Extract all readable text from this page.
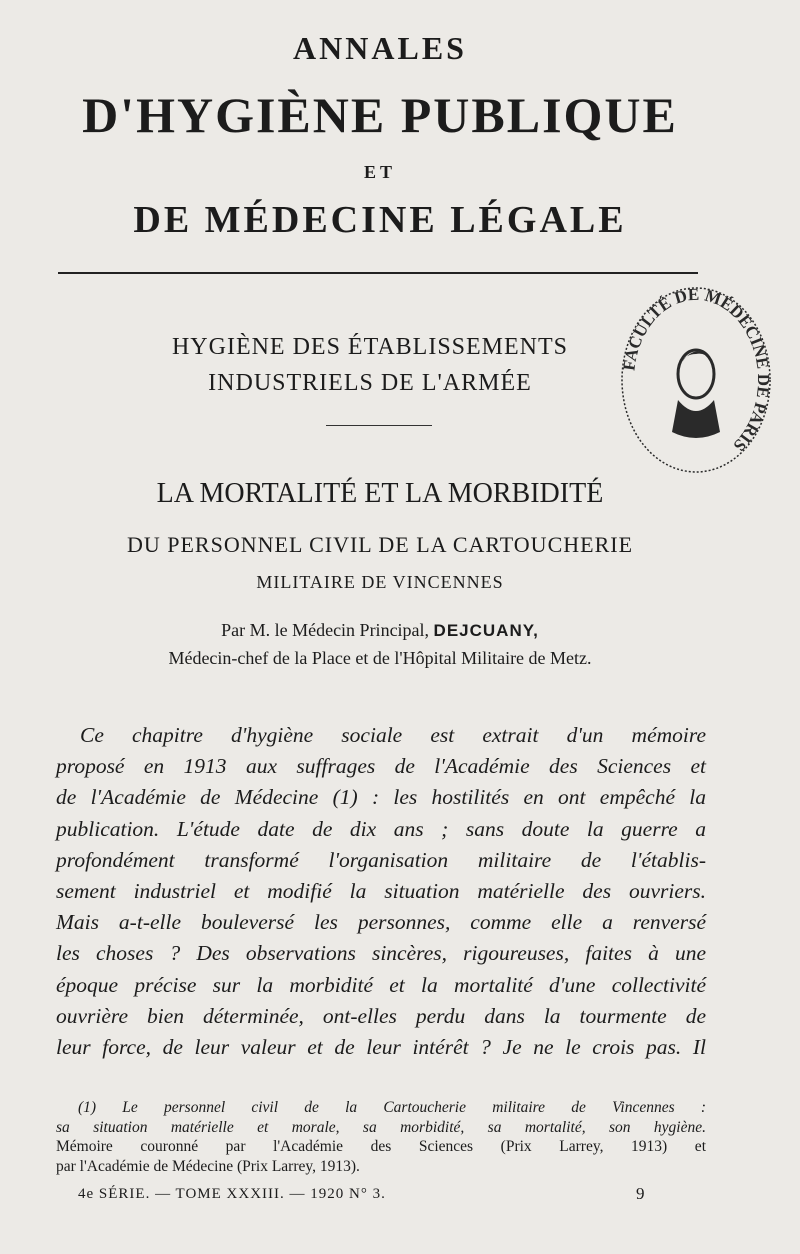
ANNALES
D'HYGIÈNE PUBLIQUE
ET
DE MÉDECINE LÉGALE
HYGIÈNE DES ÉTABLISSEMENTS
INDUSTRIELS DE L'ARMÉE
LA MORTALITÉ ET LA MORBIDITÉ
DU PERSONNEL CIVIL DE LA CARTOUCHERIE
MILITAIRE DE VINCENNES
Par M. le Médecin Principal, DEJCUANY,
Médecin-chef de la Place et de l'Hôpital Militaire de Metz.
Ce chapitre d'hygiène sociale est extrait d'un mémoire
proposé en 1913 aux suffrages de l'Académie des Sciences et
de l'Académie de Médecine (1) : les hostilités en ont empêché la
publication. L'étude date de dix ans ; sans doute la guerre a
profondément transformé l'organisation militaire de l'établis-
sement industriel et modifié la situation matérielle des ouvriers.
Mais a-t-elle bouleversé les personnes, comme elle a renversé
les choses ? Des observations sincères, rigoureuses, faites à une
époque précise sur la morbidité et la mortalité d'une collectivité
ouvrière bien déterminée, ont-elles perdu dans la tourmente de
leur force, de leur valeur et de leur intérêt ? Je ne le crois pas. Il
(1) Le personnel civil de la Cartoucherie militaire de Vincennes :
sa situation matérielle et morale, sa morbidité, sa mortalité, son hygiène.
Mémoire couronné par l'Académie des Sciences (Prix Larrey, 1913) et
par l'Académie de Médecine (Prix Larrey, 1913).
4e SÉRIE. — TOME XXXIII. — 1920 N° 3.	9
FACULTÉ DE MÉDECINE DE PARIS
